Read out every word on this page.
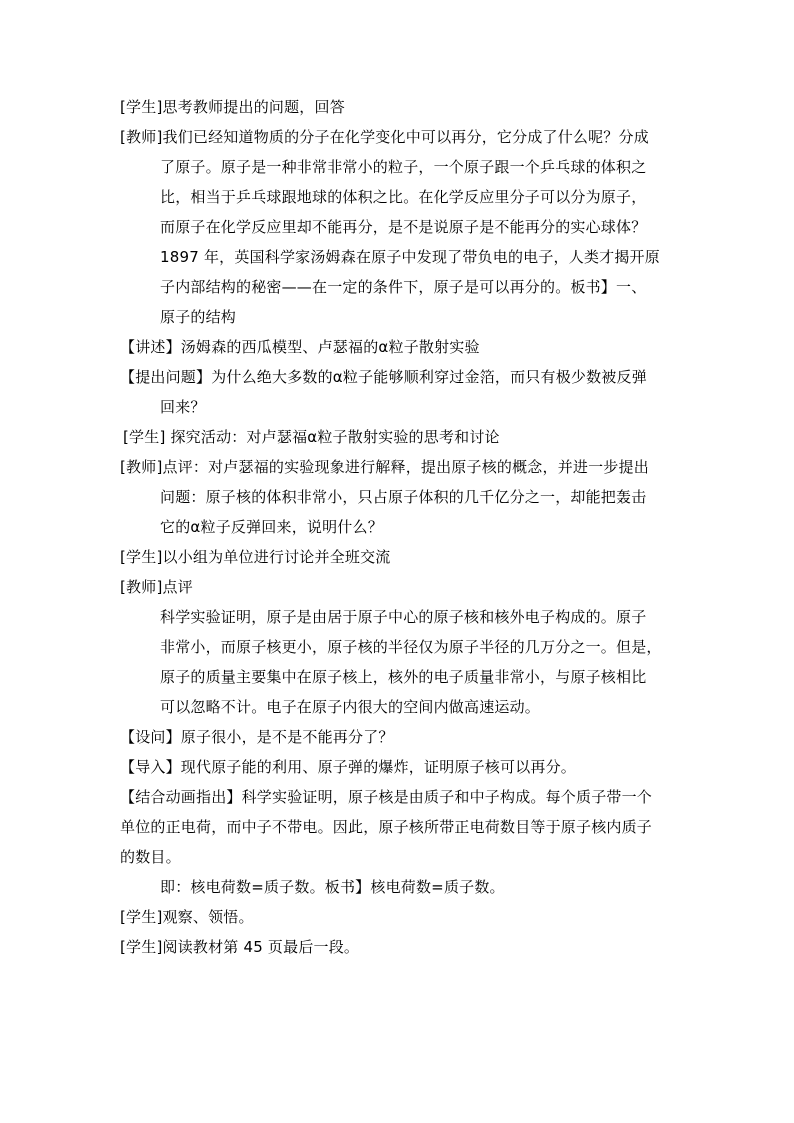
[学生]思考教师提出的问题，回答
[教师]我们已经知道物质的分子在化学变化中可以再分，它分成了什么呢？分成
了原子。原子是一种非常非常小的粒子，一个原子跟一个乒乓球的体积之
比，相当于乒乓球跟地球的体积之比。在化学反应里分子可以分为原子，
而原子在化学反应里却不能再分，是不是说原子是不能再分的实心球体？
1897 年，英国科学家汤姆森在原子中发现了带负电的电子，人类才揭开原
子内部结构的秘密——在一定的条件下，原子是可以再分的。板书】一、
原子的结构
【讲述】汤姆森的西瓜模型、卢瑟福的α粒子散射实验
【提出问题】为什么绝大多数的α粒子能够顺利穿过金箔，而只有极少数被反弹
回来？
[学生] 探究活动：对卢瑟福α粒子散射实验的思考和讨论
[教师]点评：对卢瑟福的实验现象进行解释，提出原子核的概念，并进一步提出
问题：原子核的体积非常小，只占原子体积的几千亿分之一，却能把轰击
它的α粒子反弹回来，说明什么？
[学生]以小组为单位进行讨论并全班交流
[教师]点评
科学实验证明，原子是由居于原子中心的原子核和核外电子构成的。原子
非常小，而原子核更小，原子核的半径仅为原子半径的几万分之一。但是，
原子的质量主要集中在原子核上，核外的电子质量非常小，与原子核相比
可以忽略不计。电子在原子内很大的空间内做高速运动。
【设问】原子很小，是不是不能再分了？
【导入】现代原子能的利用、原子弹的爆炸，证明原子核可以再分。
【结合动画指出】科学实验证明，原子核是由质子和中子构成。每个质子带一个
单位的正电荷，而中子不带电。因此，原子核所带正电荷数目等于原子核内质子
的数目。
即：核电荷数=质子数。板书】核电荷数=质子数。
[学生]观察、领悟。
[学生]阅读教材第 45 页最后一段。
